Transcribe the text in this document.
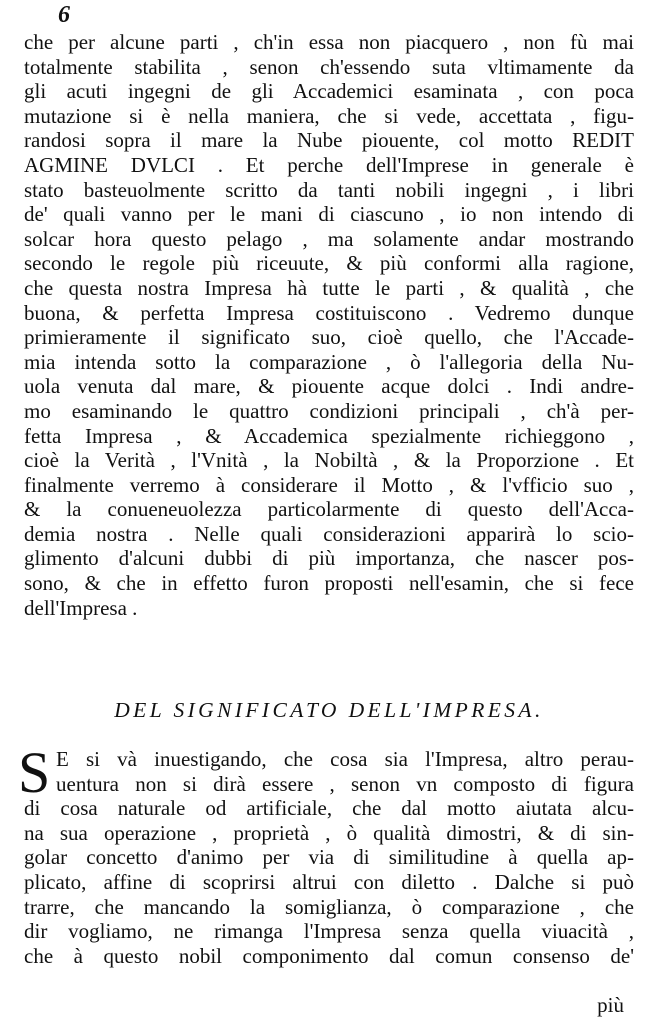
6
che per alcune parti , ch'in essa non piacquero , non fù mai
totalmente stabilita , senon ch'essendo suta vltimamente da
gli acuti ingegni de gli Accademici esaminata , con poca
mutazione si è nella maniera, che si vede, accettata , figu-
randosi sopra il mare la Nube piouente, col motto REDIT
AGMINE DVLCI . Et perche dell'Imprese in generale è
stato basteuolmente scritto da tanti nobili ingegni , i libri
de' quali vanno per le mani di ciascuno , io non intendo di
solcar hora questo pelago , ma solamente andar mostrando
secondo le regole più riceuute, & più conformi alla ragione,
che questa nostra Impresa hà tutte le parti , & qualità , che
buona, & perfetta Impresa costituiscono . Vedremo dunque
primieramente il significato suo, cioè quello, che l'Accade-
mia intenda sotto la comparazione , ò l'allegoria della Nu-
uola venuta dal mare, & piouente acque dolci . Indi andre-
mo esaminando le quattro condizioni principali , ch'à per-
fetta Impresa , & Accademica spezialmente richieggono ,
cioè la Verità , l'Vnità , la Nobiltà , & la Proporzione . Et
finalmente verremo à considerare il Motto , & l'vfficio suo ,
& la conueneuolezza particolarmente di questo dell'Acca-
demia nostra . Nelle quali considerazioni apparirà lo scio-
glimento d'alcuni dubbi di più importanza, che nascer pos-
sono, & che in effetto furon proposti nell'esamin, che si fece
dell'Impresa .
DEL SIGNIFICATO DELL'IMPRESA.
S E si và inuestigando, che cosa sia l'Impresa, altro perau-
uentura non si dirà essere , senon vn composto di figura
di cosa naturale od artificiale, che dal motto aiutata alcu-
na sua operazione , proprietà , ò qualità dimostri, & di sin-
golar concetto d'animo per via di similitudine à quella ap-
plicato, affine di scoprirsi altrui con diletto . Dalche si può
trarre, che mancando la somiglianza, ò comparazione , che
dir vogliamo, ne rimanga l'Impresa senza quella viuacità ,
che à questo nobil componimento dal comun consenso de'
più
